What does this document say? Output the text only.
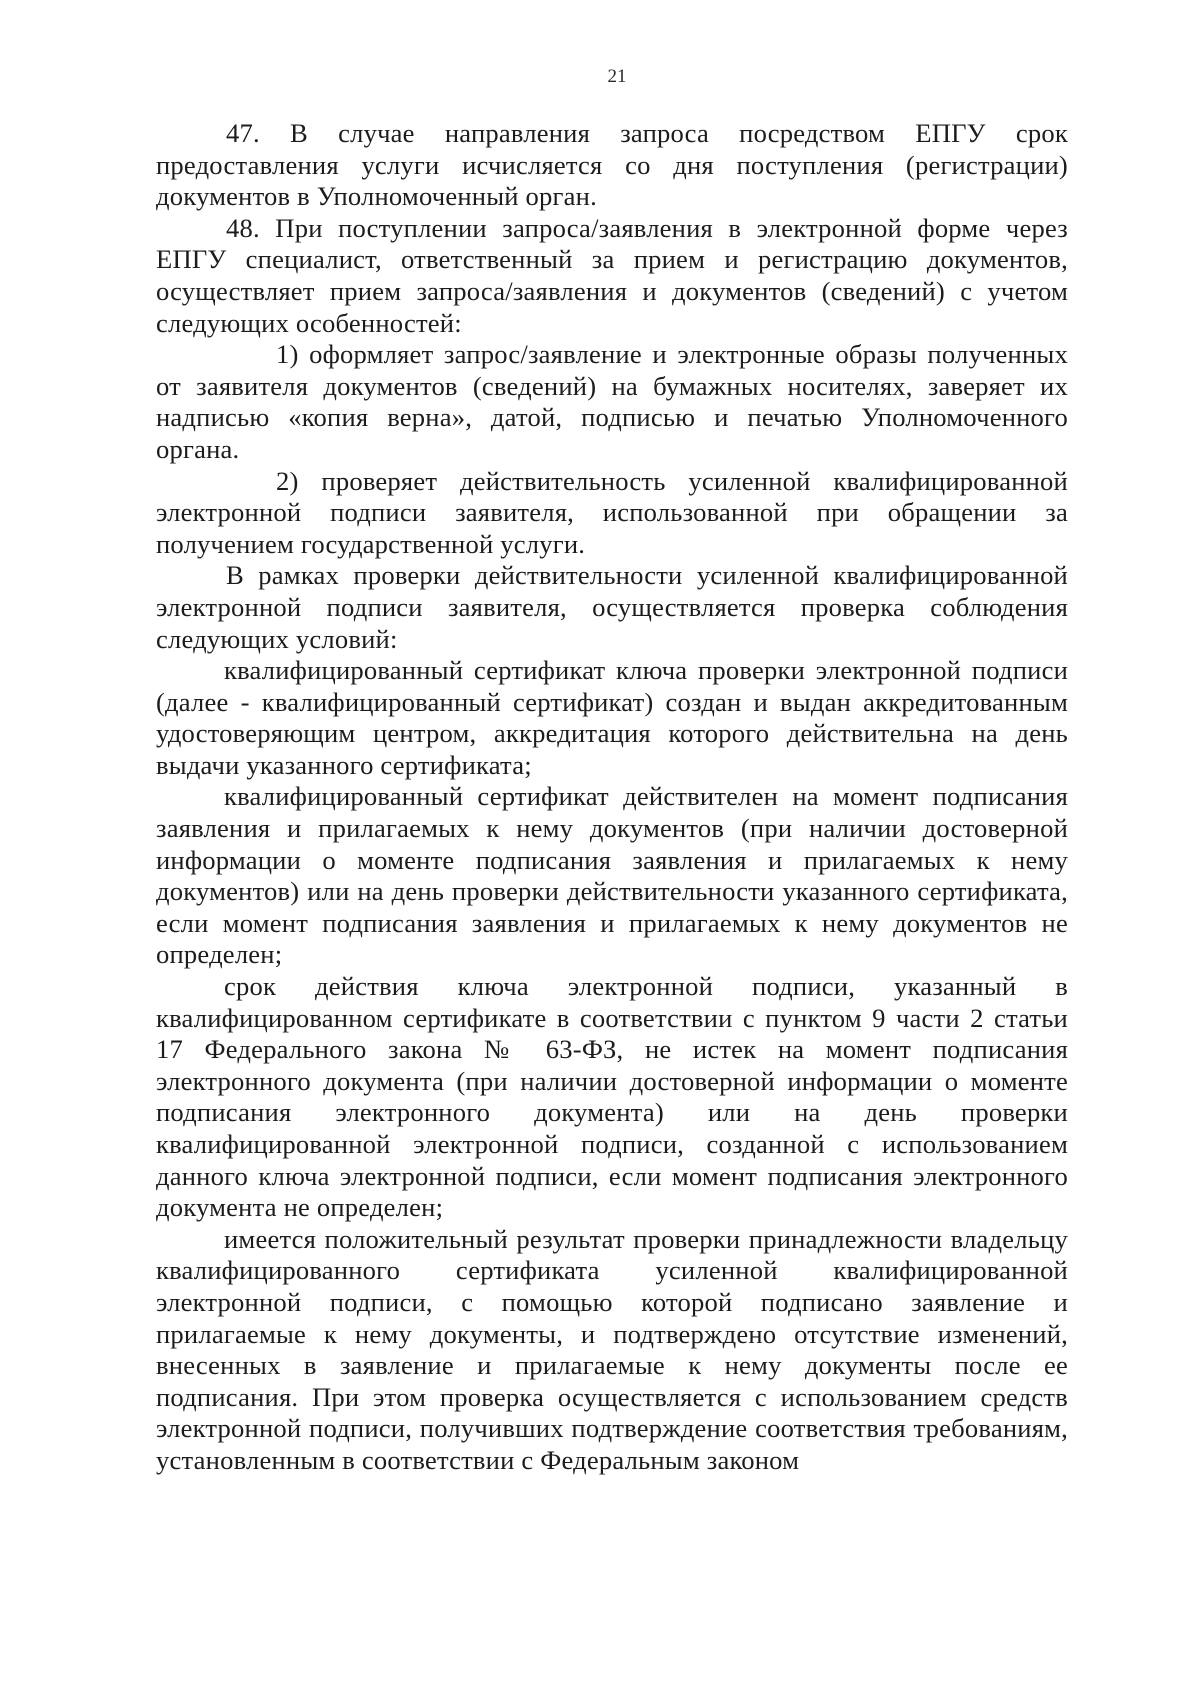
21

47. В случае направления запроса посредством ЕПГУ срок предоставления услуги исчисляется со дня поступления (регистрации) документов в Уполномоченный орган.

48. При поступлении запроса/заявления в электронной форме через ЕПГУ специалист, ответственный за прием и регистрацию документов, осуществляет прием запроса/заявления и документов (сведений) с учетом следующих особенностей:

1) оформляет запрос/заявление и электронные образы полученных от заявителя документов (сведений) на бумажных носителях, заверяет их надписью «копия верна», датой, подписью и печатью Уполномоченного органа.

2) проверяет действительность усиленной квалифицированной электронной подписи заявителя, использованной при обращении за получением государственной услуги.

В рамках проверки действительности усиленной квалифицированной электронной подписи заявителя, осуществляется проверка соблюдения следующих условий:

квалифицированный сертификат ключа проверки электронной подписи (далее - квалифицированный сертификат) создан и выдан аккредитованным удостоверяющим центром, аккредитация которого действительна на день выдачи указанного сертификата;

квалифицированный сертификат действителен на момент подписания заявления и прилагаемых к нему документов (при наличии достоверной информации о моменте подписания заявления и прилагаемых к нему документов) или на день проверки действительности указанного сертификата, если момент подписания заявления и прилагаемых к нему документов не определен;

срок действия ключа электронной подписи, указанный в квалифицированном сертификате в соответствии с пунктом 9 части 2 статьи 17 Федерального закона № 63-ФЗ, не истек на момент подписания электронного документа (при наличии достоверной информации о моменте подписания электронного документа) или на день проверки квалифицированной электронной подписи, созданной с использованием данного ключа электронной подписи, если момент подписания электронного документа не определен;

имеется положительный результат проверки принадлежности владельцу квалифицированного сертификата усиленной квалифицированной электронной подписи, с помощью которой подписано заявление и прилагаемые к нему документы, и подтверждено отсутствие изменений, внесенных в заявление и прилагаемые к нему документы после ее подписания. При этом проверка осуществляется с использованием средств электронной подписи, получивших подтверждение соответствия требованиям, установленным в соответствии с Федеральным законом
